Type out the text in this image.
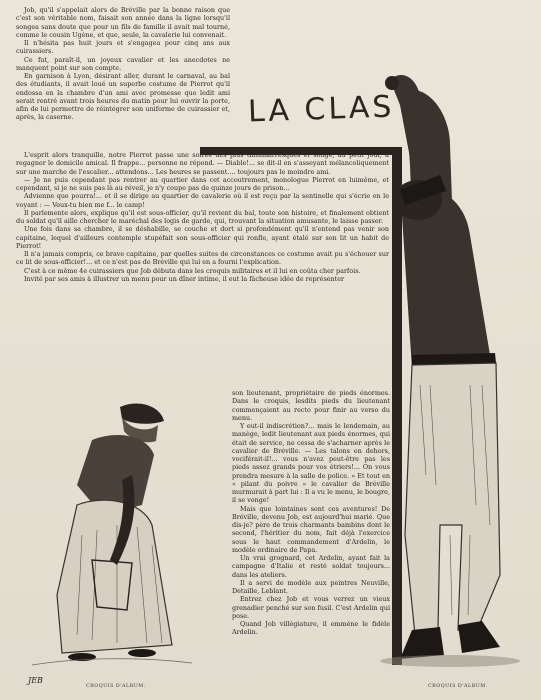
LA CLAS
JEB

Job, qu'il s'appelait alors de Bréville par la bonne raison que c'est son véritable nom, faisait son année dans la ligne lorsqu'il songea sans doute que pour un fils de famille il avait mal tourné, comme le cousin Ugène, et que, seule, la cavalerie lui convenait.

Il n'hésita pas huit jours et s'engagea pour cinq ans aux cuirassiers.

Ce fut, paraît-il, un joyeux cavalier et les anecdotes ne manquent point sur son compte.

En garnison à Lyon, désirant aller, durant le carnaval, au bal des étudiants, il avait loué un superbe costume de Pierrot qu'il endossa en la chambre d'un ami avec promesse que ledit ami serait rentré avant trois heures du matin pour lui ouvrir la porte, afin de lui permettre de réintégrer son uniforme de cuirassier et, après, la caserne.

L'esprit alors tranquille, notre Pierrot passe une soirée des plus tintamarresques et songe, au petit jour, à regagner le domicile amical. Il frappe... personne ne répond. — Diable!... se dit-il en s'asseyant mélancoliquement sur une marche de l'escalier... attendons... Les heures se passent.... toujours pas le moindre ami.

— Je ne puis cependant pas rentrer au quartier dans cet accoutrement, monologue Pierrot en luimême, et cependant, si je ne suis pas là au réveil, je n'y coupe pas de quinze jours de prison...

Advienne que pourra!... et il se dirige au quartier de cavalerie où il est reçu par la sentinelle qui s'écrie en le voyant : — Veux-tu bien me f... le camp!

Il parlemente alors, explique qu'il est sous-officier, qu'il revient du bal, toute son histoire, et finalement obtient du soldat qu'il aille chercher le maréchal des logis de garde, qui, trouvant la situation amusante, le laisse passer.

Une fois dans sa chambre, il se déshabille, se couche et dort si profondément qu'il n'entend pas venir son capitaine, lequel d'ailleurs contemple stupéfait son sous-officier qui ronfle, ayant étalé sur son lit un habit de Pierrot!

Il n'a jamais compris, ce brave capitaine, par quelles suites de circonstances ce costume avait pu s'échouer sur ce lit de sous-officier!... et ce n'est pas de Bréville qui lui en a fourni l'explication.

C'est à ce même 4e cuirassiers que Job débuta dans les croquis militaires et il lui en coûta cher parfois.

Invité par ses amis à illustrer un menu pour un dîner intime, il eut la fâcheuse idée de représenter

son lieutenant, propriétaire de pieds énormes. Dans le croquis, lesdits pieds du lieutenant commençaient au recto pour finir au verso du menu.

Y eut-il indiscrétion?... mais le lendemain, au manège, ledit lieutenant aux pieds énormes, qui était de service, ne cessa de s'acharner après le cavalier de Bréville. — Les talons en dehors, vociférait-il!... vous n'avez peut-être pas les pieds assez grands pour vos étriers!... On vous prendra mesure à la salle de police. » Et tout en « pilant du poivre » le cavalier de Bréville murmurait à part lui : Il a vu le menu, le bougre, il se venge!

Mais que lointaines sont ces aventures! De Bréville, devenu Job, est aujourd'hui marié. Que dis-je? père de trois charmants bambins dont le second, l'héritier du nom, fait déjà l'exercice sous le haut commandement d'Ardelin, le modèle ordinaire de Papa.

Un vrai grognard, cet Ardelin, ayant fait la campagne d'Italie et resté soldat toujours... dans les ateliers.

Il a servi de modèle aux peintres Neuville, Detaille, Leblant.

Entrez chez Job et vous verrez un vieux grenadier penché sur son fusil. C'est Ardelin qui pose.

Quand Job villégiature, il emmène le fidèle Ardelin.

CROQUIS D'ALBUM.	CROQUIS D'ALBUM.
